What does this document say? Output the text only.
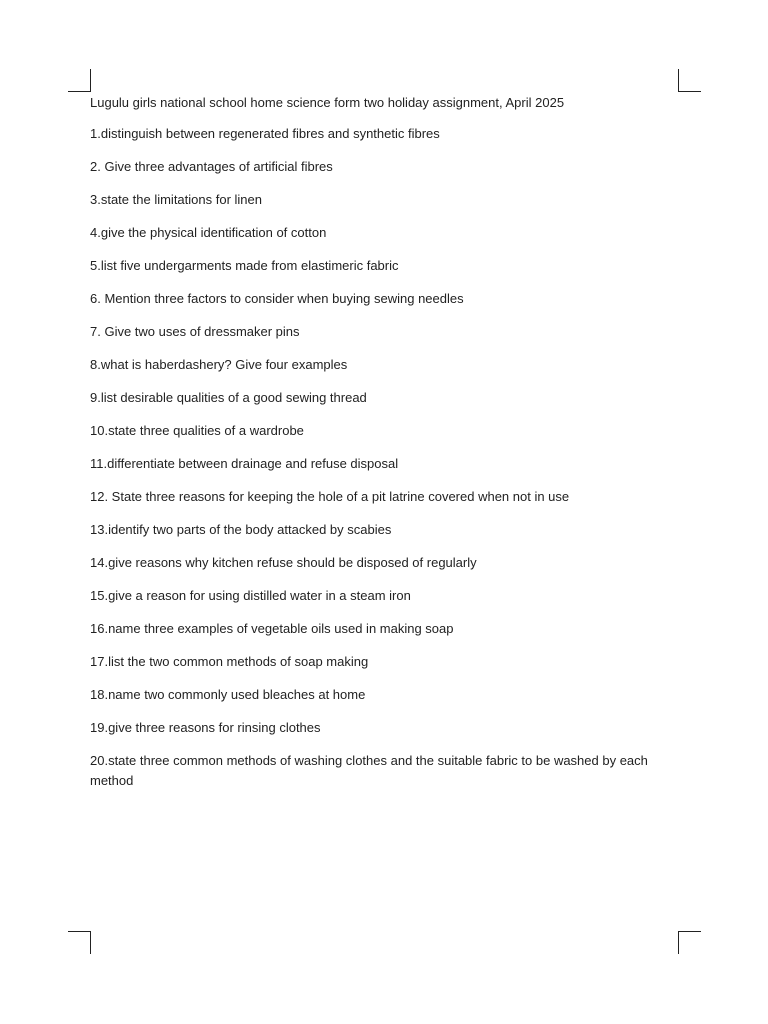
Lugulu girls national school home science form two holiday assignment, April 2025

1.distinguish between regenerated fibres and synthetic fibres
2. Give three advantages of artificial fibres
3.state the limitations for linen
4.give the physical identification of cotton
5.list five undergarments made from elastimeric fabric
6. Mention three factors to consider when buying sewing needles
7. Give two uses of dressmaker pins
8.what is haberdashery? Give four examples
9.list desirable qualities of a good sewing thread
10.state three qualities of a wardrobe
11.differentiate between drainage and refuse disposal
12. State three reasons for keeping the hole of a pit latrine covered when not in use
13.identify two parts of the body attacked by scabies
14.give reasons why kitchen refuse should be disposed of regularly
15.give a reason for using distilled water in a steam iron
16.name three examples of vegetable oils used in making soap
17.list the two common methods of soap making
18.name two commonly used bleaches at home
19.give three reasons for rinsing clothes
20.state three common methods of washing clothes and the suitable fabric to be washed by each method
